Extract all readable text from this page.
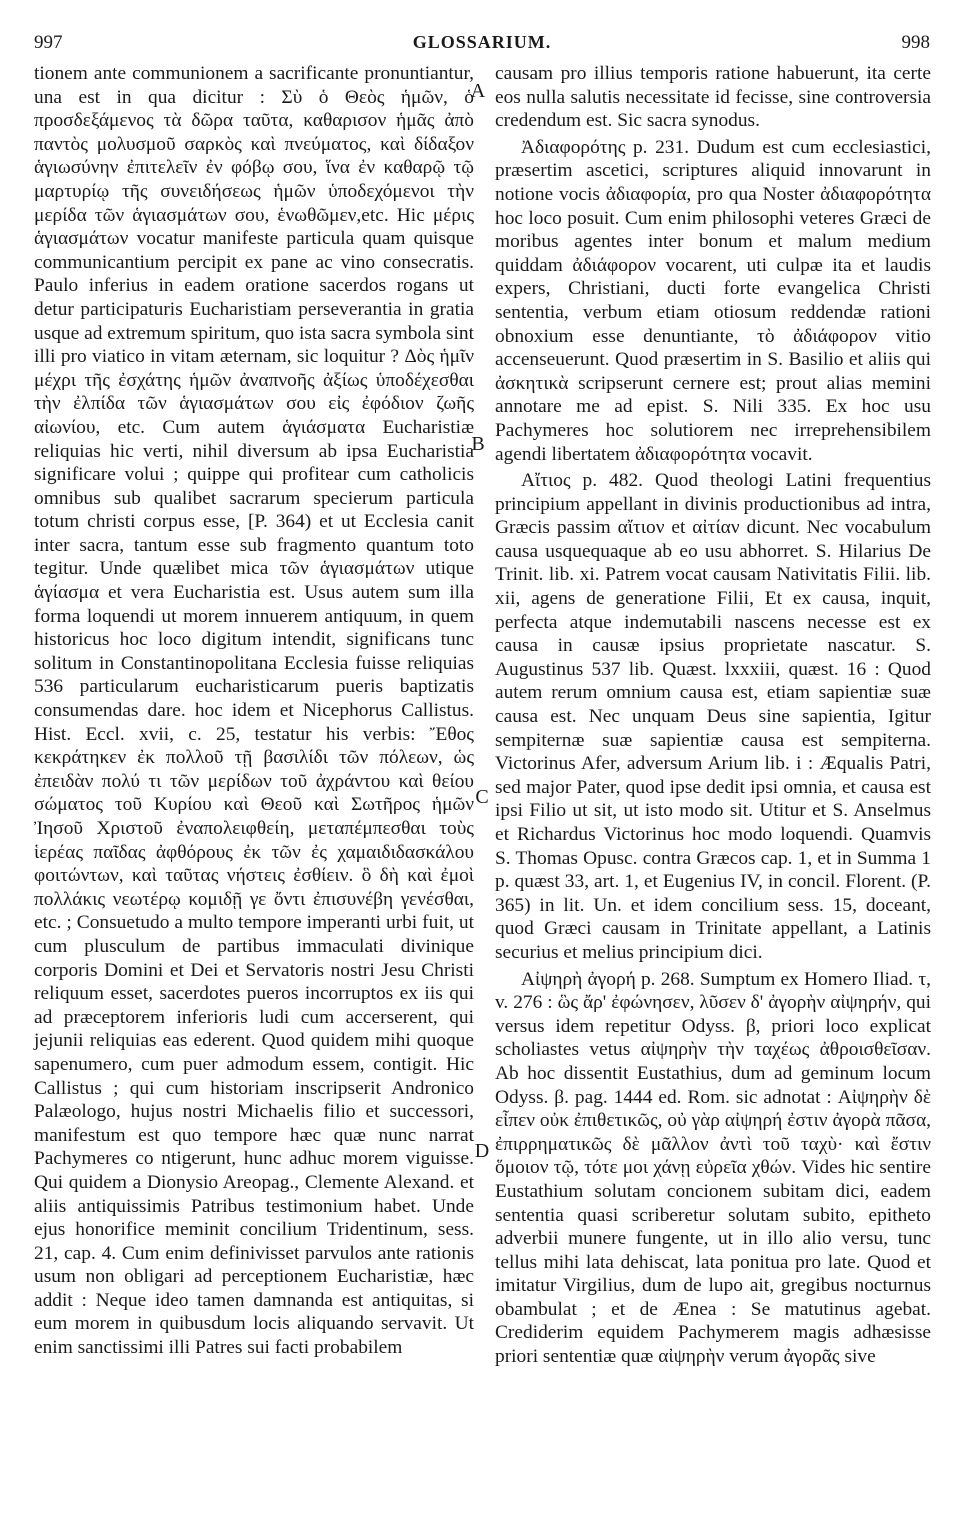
997	GLOSSARIUM.	998

tionem ante communionem a sacrificante pronuntiantur, una est in qua dicitur : Σὺ ὁ Θεὸς ἡμῶν, ὁ προσδεξάμενος τὰ δῶρα ταῦτα, καθαρισον ἡμᾶς ἀπὸ παντὸς μολυσμοῦ σαρκὸς καὶ πνεύματος, καὶ δίδαξον ἁγιωσύνην ἐπιτελεῖν ἐν φόβῳ σου, ἵνα ἐν καθαρῷ τῷ μαρτυρίῳ τῆς συνειδήσεως ἡμῶν ὑποδεχόμενοι τὴν μερίδα τῶν ἁγιασμάτων σου, ἑνωθῶμεν,etc. Hic μέρις ἁγιασμάτων vocatur manifeste particula quam quisque communicantium percipit ex pane ac vino consecratis. Paulo inferius in eadem oratione sacerdos rogans ut detur participaturis Eucharistiam perseverantia in gratia usque ad extremum spiritum, quo ista sacra symbola sint illi pro viatico in vitam æternam, sic loquitur ? Δὸς ἡμῖν μέχρι τῆς ἐσχάτης ἡμῶν ἀναπνοῆς ἀξίως ὑποδέχεσθαι τὴν ἐλπίδα τῶν ἁγιασμάτων σου εἰς ἐφόδιον ζωῆς αἰωνίου, etc. Cum autem ἁγιάσματα Eucharistiæ reliquias hic verti, nihil diversum ab ipsa Eucharistia significare volui ; quippe qui profitear cum catholicis omnibus sub qualibet sacrarum specierum particula totum christi corpus esse, [P. 364) et ut Ecclesia canit inter sacra, tantum esse sub fragmento quantum toto tegitur. Unde quælibet mica τῶν ἁγιασμάτων utique ἁγίασμα et vera Eucharistia est. Usus autem sum illa forma loquendi ut morem innuerem antiquum, in quem historicus hoc loco digitum intendit, significans tunc solitum in Constantinopolitana Ecclesia fuisse reliquias 536 particularum eucharisticarum pueris baptizatis consumendas dare. hoc idem et Nicephorus Callistus. Hist. Eccl. xvii, c. 25, testatur his verbis: Ἔθος κεκράτηκεν ἐκ πολλοῦ τῇ βασιλίδι τῶν πόλεων, ὡς ἐπειδὰν πολύ τι τῶν μερίδων τοῦ ἀχράντου καὶ θείου σώματος τοῦ Κυρίου καὶ Θεοῦ καὶ Σωτῆρος ἡμῶν Ἰησοῦ Χριστοῦ ἐναπολειφθείη, μεταπέμπεσθαι τοὺς ἱερέας παῖδας ἀφθόρους ἐκ τῶν ἐς χαμαιδιδασκάλου φοιτώντων, καὶ ταῦτας νήστεις ἐσθίειν. ὃ δὴ καὶ ἐμοὶ πολλάκις νεωτέρῳ κομιδῇ γε ὄντι ἐπισυνέβη γενέσθαι, etc. ; Consuetudo a multo tempore imperanti urbi fuit, ut cum plusculum de partibus immaculati divinique corporis Domini et Dei et Servatoris nostri Jesu Christi reliquum esset, sacerdotes pueros incorruptos ex iis qui ad præceptorem inferioris ludi cum accerserent, qui jejunii reliquias eas ederent. Quod quidem mihi quoque sapenumero, cum puer admodum essem, contigit. Hic Callistus ; qui cum historiam inscripserit Andronico Palæologo, hujus nostri Michaelis filio et successori, manifestum est quo tempore hæc quæ nunc narrat Pachymeres co ntigerunt, hunc adhuc morem viguisse. Qui quidem a Dionysio Areopag., Clemente Alexand. et aliis antiquissimis Patribus testimonium habet. Unde ejus honorifice meminit concilium Tridentinum, sess. 21, cap. 4. Cum enim definivisset parvulos ante rationis usum non obligari ad perceptionem Eucharistiæ, hæc addit : Neque ideo tamen damnanda est antiquitas, si eum morem in quibusdum locis aliquando servavit. Ut enim sanctissimi illi Patres sui facti probabilem

A
B
C
D

causam pro illius temporis ratione habuerunt, ita certe eos nulla salutis necessitate id fecisse, sine controversia credendum est. Sic sacra synodus.

Ἀδιαφορότης p. 231. Dudum est cum ecclesiastici, præsertim ascetici, scriptures aliquid innovarunt in notione vocis ἀδιαφορία, pro qua Noster ἀδιαφορότητα hoc loco posuit. Cum enim philosophi veteres Græci de moribus agentes inter bonum et malum medium quiddam ἀδιάφορον vocarent, uti culpæ ita et laudis expers, Christiani, ducti forte evangelica Christi sententia, verbum etiam otiosum reddendæ rationi obnoxium esse denuntiante, τὸ ἀδιάφορον vitio accenseuerunt. Quod præsertim in S. Basilio et aliis qui ἀσκητικὰ scripserunt cernere est; prout alias memini annotare me ad epist. S. Nili 335. Ex hoc usu Pachymeres hoc solutiorem nec irreprehensibilem agendi libertatem ἀδιαφορότητα vocavit.

Αἴτιος p. 482. Quod theologi Latini frequentius principium appellant in divinis productionibus ad intra, Græcis passim αἴτιον et αἰτίαν dicunt. Nec vocabulum causa usquequaque ab eo usu abhorret. S. Hilarius De Trinit. lib. xi. Patrem vocat causam Nativitatis Filii. lib. xii, agens de generatione Filii, Et ex causa, inquit, perfecta atque indemutabili nascens necesse est ex causa in causæ ipsius proprietate nascatur. S. Augustinus 537 lib. Quæst. lxxxiii, quæst. 16 : Quod autem rerum omnium causa est, etiam sapientiæ suæ causa est. Nec unquam Deus sine sapientia, Igitur sempiternæ suæ sapientiæ causa est sempiterna. Victorinus Afer, adversum Arium lib. i : Æqualis Patri, sed major Pater, quod ipse dedit ipsi omnia, et causa est ipsi Filio ut sit, ut isto modo sit. Utitur et S. Anselmus et Richardus Victorinus hoc modo loquendi. Quamvis S. Thomas Opusc. contra Græcos cap. 1, et in Summa 1 p. quæst 33, art. 1, et Eugenius IV, in concil. Florent. (P. 365) in lit. Un. et idem concilium sess. 15, doceant, quod Græci causam in Trinitate appellant, a Latinis securius et melius principium dici.

Αἰψηρὴ ἀγορή p. 268. Sumptum ex Homero Iliad. τ, v. 276 : ὣς ἄρ' ἐφώνησεν, λῦσεν δ' ἀγορὴν αἰψηρήν, qui versus idem repetitur Odyss. β, priori loco explicat scholiastes vetus αἰψηρὴν τὴν ταχέως ἀθροισθεῖσαν. Ab hoc dissentit Eustathius, dum ad geminum locum Odyss. β. pag. 1444 ed. Rom. sic adnotat : Αἰψηρὴν δὲ εἶπεν οὐκ ἐπιθετικῶς, οὐ γὰρ αἰψηρή ἐστιν ἀγορὰ πᾶσα, ἐπιρρηματικῶς δὲ μᾶλλον ἀντὶ τοῦ ταχὺ· καὶ ἔστιν ὅμοιον τῷ, τότε μοι χάνῃ εὐρεῖα χθών. Vides hic sentire Eustathium solutam concionem subitam dici, eadem sententia quasi scriberetur solutam subito, epitheto adverbii munere fungente, ut in illo alio versu, tunc tellus mihi lata dehiscat, lata ponitua pro late. Quod et imitatur Virgilius, dum de lupo ait, gregibus nocturnus obambulat ; et de Ænea : Se matutinus agebat. Crediderim equidem Pachymerem magis adhæsisse priori sententiæ quæ αἰψηρὴν verum ἀγορᾶς sive
